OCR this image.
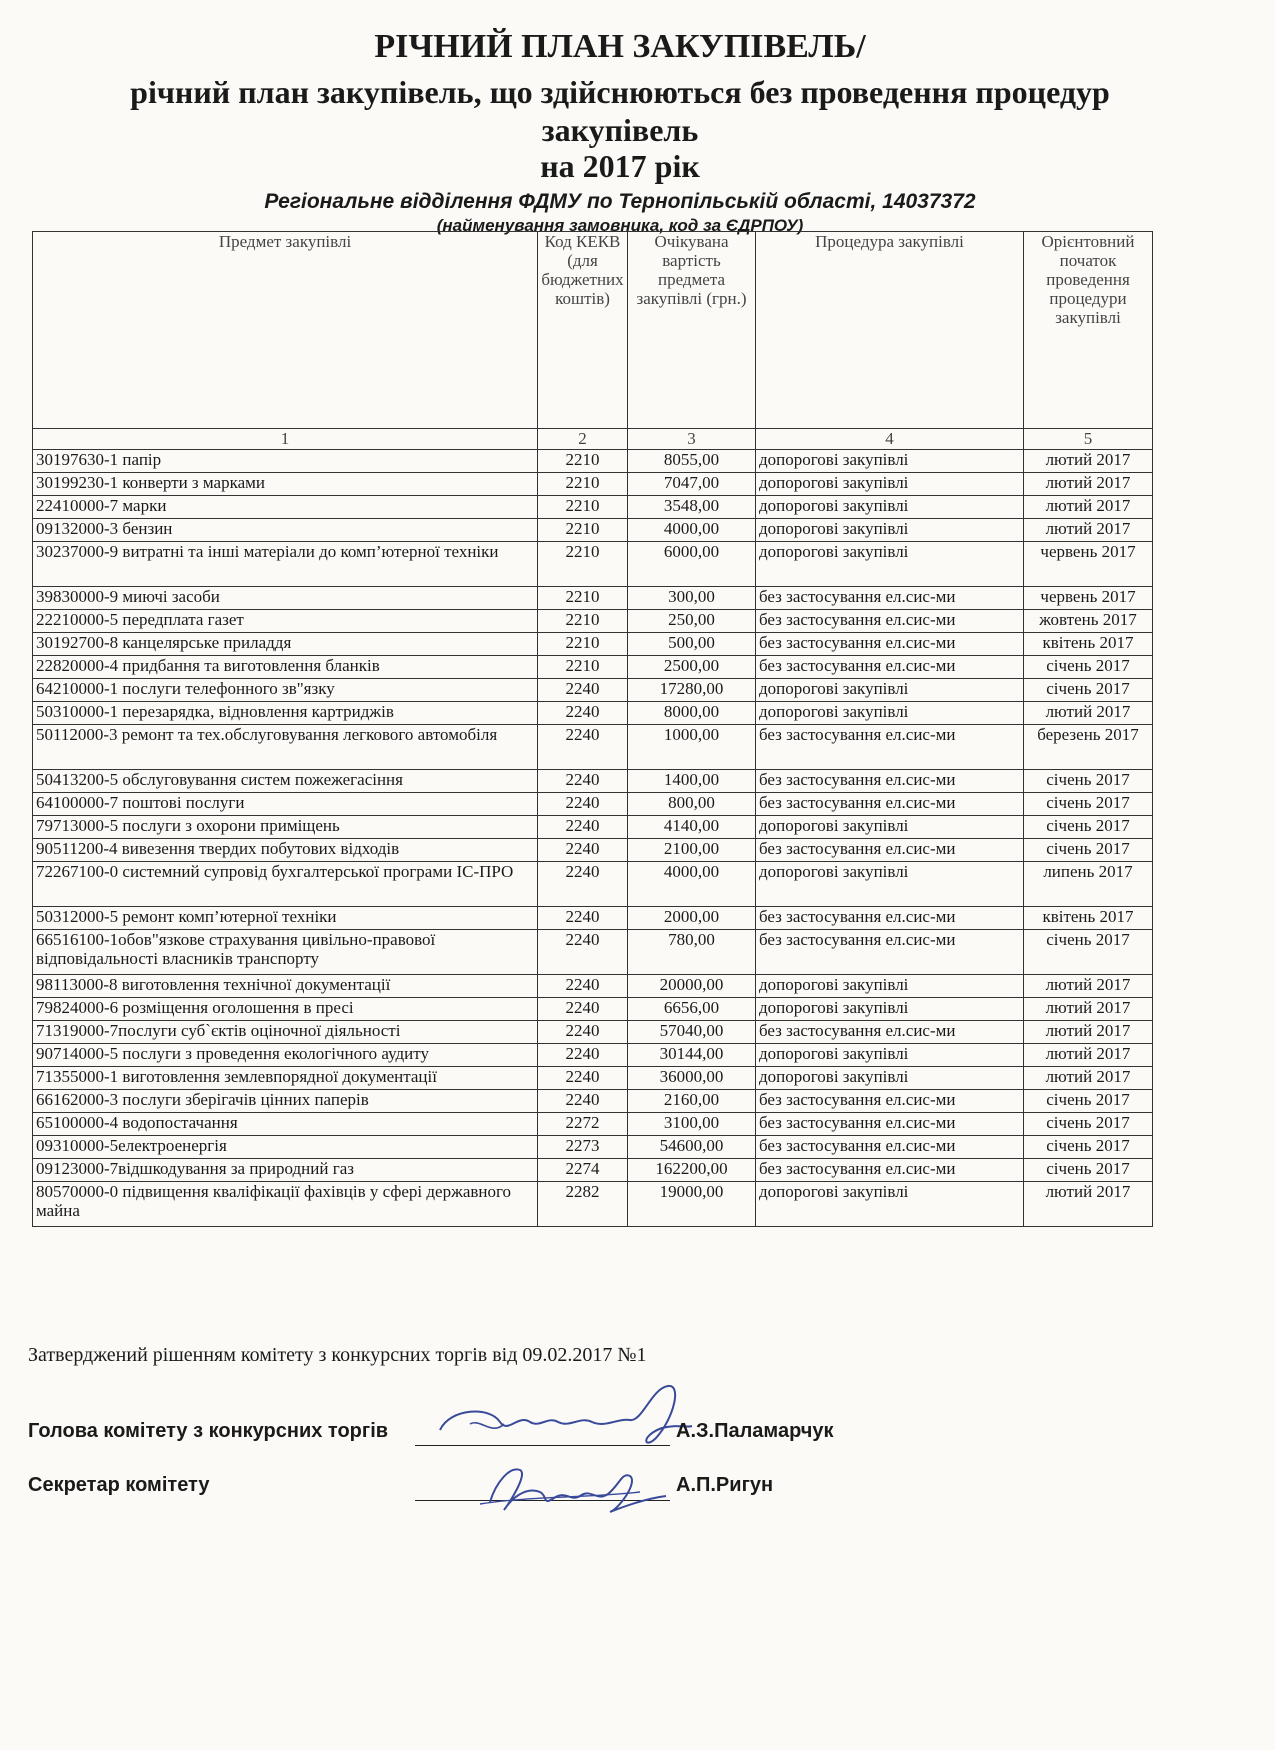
РІЧНИЙ ПЛАН ЗАКУПІВЕЛЬ/
річний план закупівель, що здійснюються без проведення процедур
закупівель
на 2017 рік
Регіональне відділення ФДМУ по Тернопільській області, 14037372
(найменування замовника, код за ЄДРПОУ)
Предмет закупівлі	Код КЕКВ (для бюджетних коштів)	Очікувана вартість предмета закупівлі (грн.)	Процедура закупівлі	Орієнтовний початок проведення процедури закупівлі
1	2	3	4	5
30197630-1 папір	2210	8055,00	допорогові закупівлі	лютий 2017
30199230-1 конверти з марками	2210	7047,00	допорогові закупівлі	лютий 2017
22410000-7 марки	2210	3548,00	допорогові закупівлі	лютий 2017
09132000-3 бензин	2210	4000,00	допорогові закупівлі	лютий 2017
30237000-9 витратні та інші матеріали до комп’ютерної техніки	2210	6000,00	допорогові закупівлі	червень 2017
39830000-9 миючі засоби	2210	300,00	без застосування ел.сис-ми	червень 2017
22210000-5 передплата газет	2210	250,00	без застосування ел.сис-ми	жовтень 2017
30192700-8 канцелярське приладдя	2210	500,00	без застосування ел.сис-ми	квітень 2017
22820000-4 придбання та виготовлення бланків	2210	2500,00	без застосування ел.сис-ми	січень 2017
64210000-1 послуги телефонного зв"язку	2240	17280,00	допорогові закупівлі	січень 2017
50310000-1 перезарядка, відновлення картриджів	2240	8000,00	допорогові закупівлі	лютий 2017
50112000-3 ремонт та тех.обслуговування легкового автомобіля	2240	1000,00	без застосування ел.сис-ми	березень 2017
50413200-5 обслуговування систем пожежегасіння	2240	1400,00	без застосування ел.сис-ми	січень 2017
64100000-7 поштові послуги	2240	800,00	без застосування ел.сис-ми	січень 2017
79713000-5 послуги з охорони приміщень	2240	4140,00	допорогові закупівлі	січень 2017
90511200-4 вивезення твердих побутових відходів	2240	2100,00	без застосування ел.сис-ми	січень 2017
72267100-0 системний супровід бухгалтерської програми ІС-ПРО	2240	4000,00	допорогові закупівлі	липень 2017
50312000-5 ремонт комп’ютерної техніки	2240	2000,00	без застосування ел.сис-ми	квітень 2017
66516100-1обов"язкове страхування цивільно-правової відповідальності власників транспорту	2240	780,00	без застосування ел.сис-ми	січень 2017
98113000-8 виготовлення технічної документації	2240	20000,00	допорогові закупівлі	лютий 2017
79824000-6 розміщення оголошення в пресі	2240	6656,00	допорогові закупівлі	лютий 2017
71319000-7послуги суб`єктів оціночної діяльності	2240	57040,00	без застосування ел.сис-ми	лютий 2017
90714000-5 послуги з проведення екологічного аудиту	2240	30144,00	допорогові закупівлі	лютий 2017
71355000-1 виготовлення землевпорядної документації	2240	36000,00	допорогові закупівлі	лютий 2017
66162000-3 послуги зберігачів цінних паперів	2240	2160,00	без застосування ел.сис-ми	січень 2017
65100000-4 водопостачання	2272	3100,00	без застосування ел.сис-ми	січень 2017
09310000-5електроенергія	2273	54600,00	без застосування ел.сис-ми	січень 2017
09123000-7відшкодування за природний газ	2274	162200,00	без застосування ел.сис-ми	січень 2017
80570000-0 підвищення кваліфікації фахівців у сфері державного майна	2282	19000,00	допорогові закупівлі	лютий 2017
Затверджений рішенням комітету з конкурсних торгів від 09.02.2017 №1
Голова комітету з конкурсних торгів	А.З.Паламарчук
Секретар комітету	А.П.Ригун
